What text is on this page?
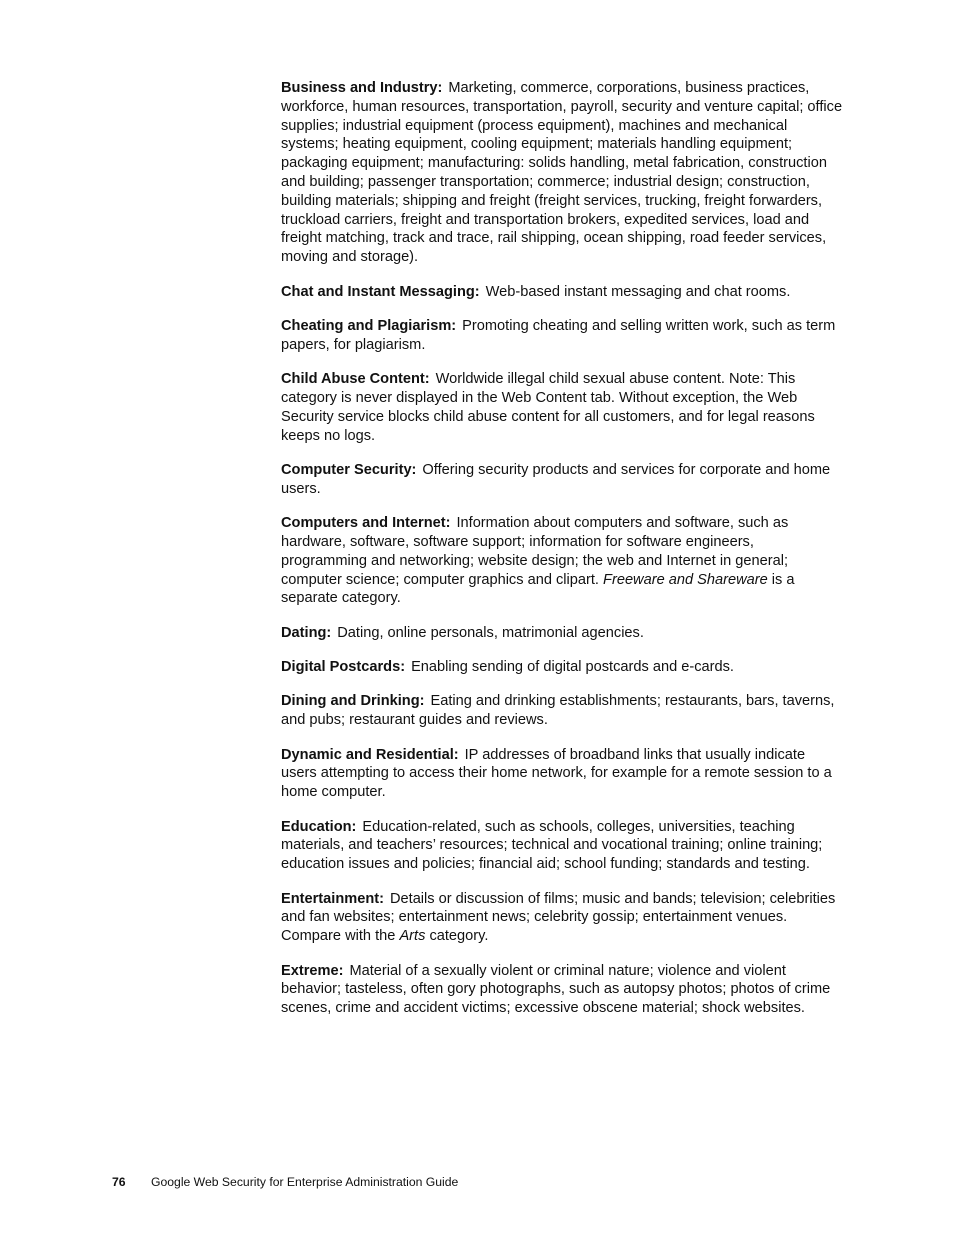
Business and Industry: Marketing, commerce, corporations, business practices, workforce, human resources, transportation, payroll, security and venture capital; office supplies; industrial equipment (process equipment), machines and mechanical systems; heating equipment, cooling equipment; materials handling equipment; packaging equipment; manufacturing: solids handling, metal fabrication, construction and building; passenger transportation; commerce; industrial design; construction, building materials; shipping and freight (freight services, trucking, freight forwarders, truckload carriers, freight and transportation brokers, expedited services, load and freight matching, track and trace, rail shipping, ocean shipping, road feeder services, moving and storage).

Chat and Instant Messaging: Web-based instant messaging and chat rooms.

Cheating and Plagiarism: Promoting cheating and selling written work, such as term papers, for plagiarism.

Child Abuse Content: Worldwide illegal child sexual abuse content. Note: This category is never displayed in the Web Content tab. Without exception, the Web Security service blocks child abuse content for all customers, and for legal reasons keeps no logs.

Computer Security: Offering security products and services for corporate and home users.

Computers and Internet: Information about computers and software, such as hardware, software, software support; information for software engineers, programming and networking; website design; the web and Internet in general; computer science; computer graphics and clipart. Freeware and Shareware is a separate category.

Dating: Dating, online personals, matrimonial agencies.

Digital Postcards: Enabling sending of digital postcards and e-cards.

Dining and Drinking: Eating and drinking establishments; restaurants, bars, taverns, and pubs; restaurant guides and reviews.

Dynamic and Residential: IP addresses of broadband links that usually indicate users attempting to access their home network, for example for a remote session to a home computer.

Education: Education-related, such as schools, colleges, universities, teaching materials, and teachers’ resources; technical and vocational training; online training; education issues and policies; financial aid; school funding; standards and testing.

Entertainment: Details or discussion of films; music and bands; television; celebrities and fan websites; entertainment news; celebrity gossip; entertainment venues. Compare with the Arts category.

Extreme: Material of a sexually violent or criminal nature; violence and violent behavior; tasteless, often gory photographs, such as autopsy photos; photos of crime scenes, crime and accident victims; excessive obscene material; shock websites.

76 Google Web Security for Enterprise Administration Guide
